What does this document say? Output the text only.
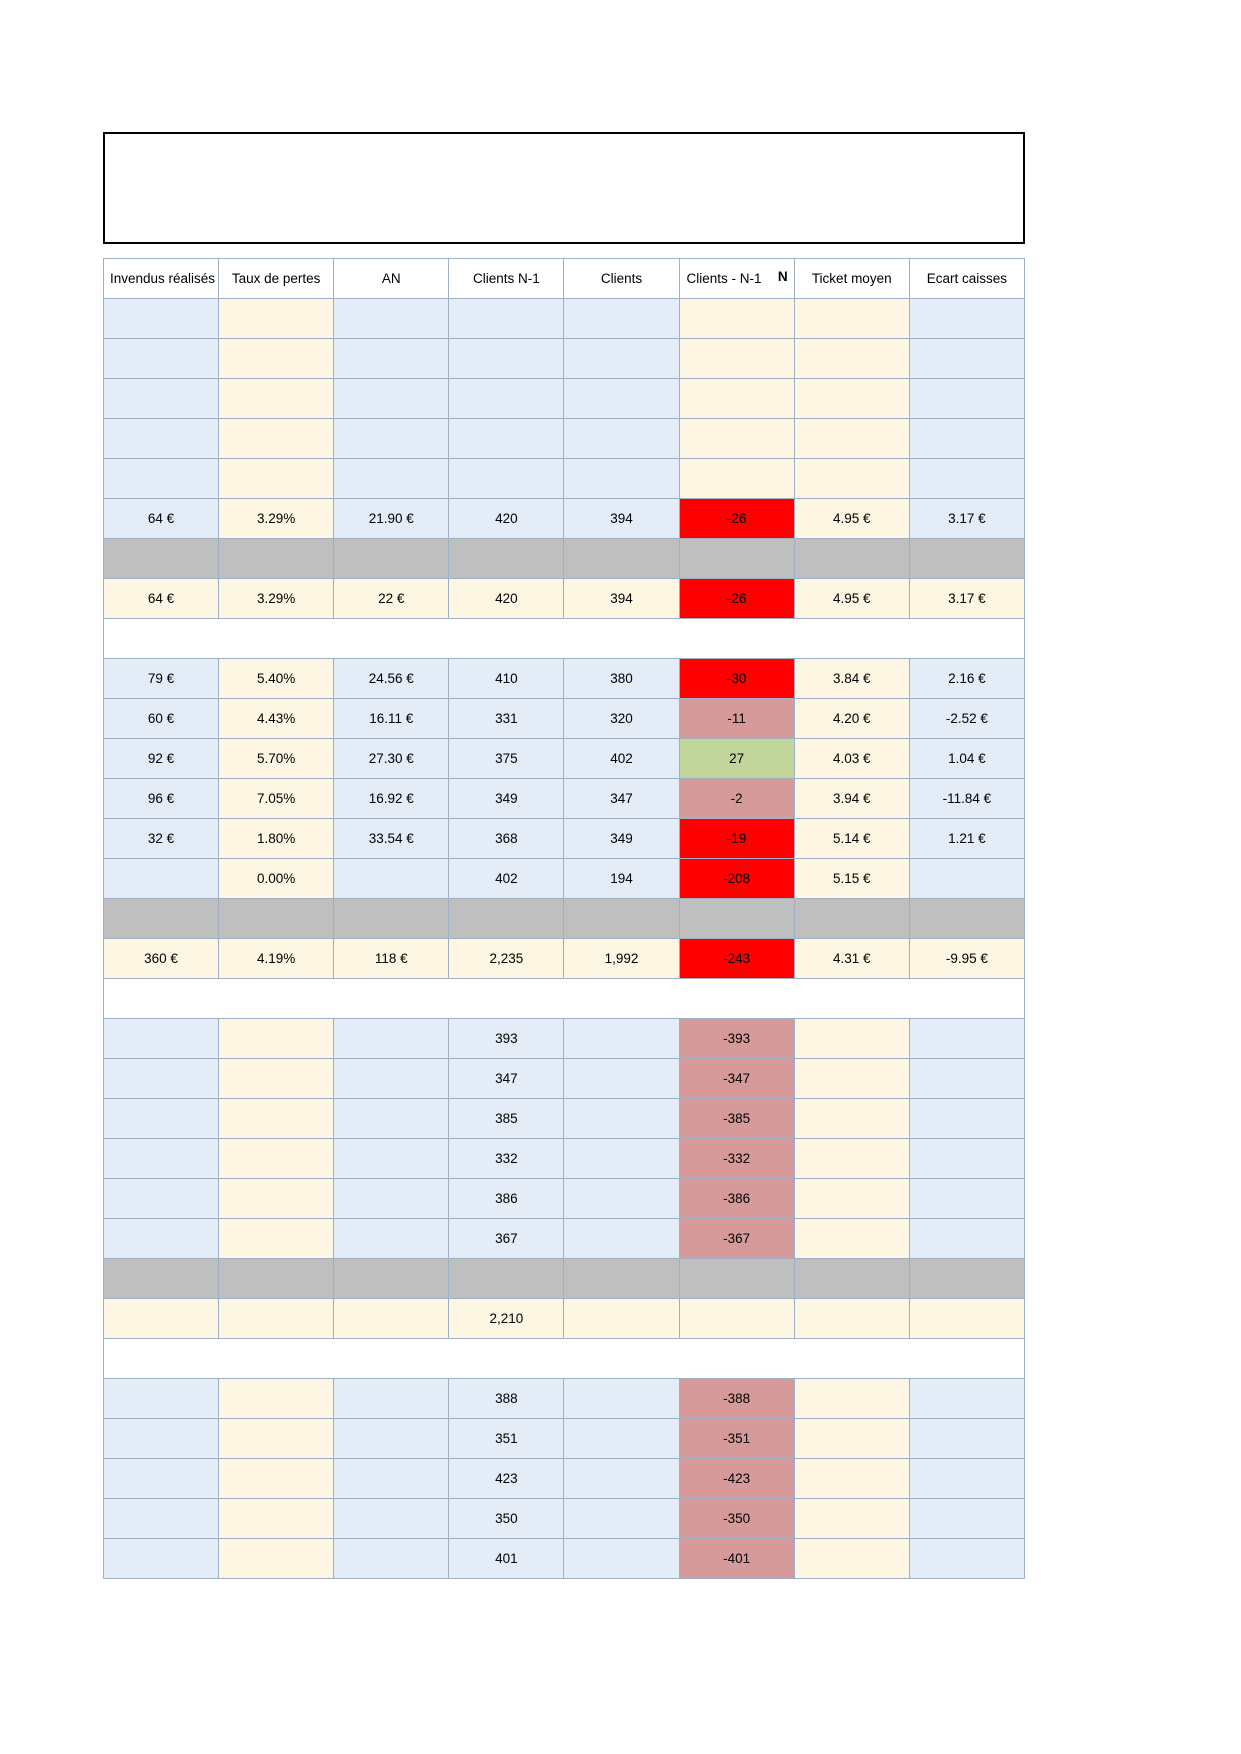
Invendus réalisés	Taux de pertes	AN	Clients N-1	Clients	Clients - N-1 N	Ticket moyen	Ecart caisses

64 €	3.29%	21.90 €	420	394	-26	4.95 €	3.17 €

64 €	3.29%	22 €	420	394	-26	4.95 €	3.17 €

79 €	5.40%	24.56 €	410	380	-30	3.84 €	2.16 €
60 €	4.43%	16.11 €	331	320	-11	4.20 €	-2.52 €
92 €	5.70%	27.30 €	375	402	27	4.03 €	1.04 €
96 €	7.05%	16.92 €	349	347	-2	3.94 €	-11.84 €
32 €	1.80%	33.54 €	368	349	-19	5.14 €	1.21 €
	0.00%		402	194	-208	5.15 €	

360 €	4.19%	118 €	2,235	1,992	-243	4.31 €	-9.95 €

			393		-393		
			347		-347		
			385		-385		
			332		-332		
			386		-386		
			367		-367		

			2,210				

			388		-388		
			351		-351		
			423		-423		
			350		-350		
			401		-401		
